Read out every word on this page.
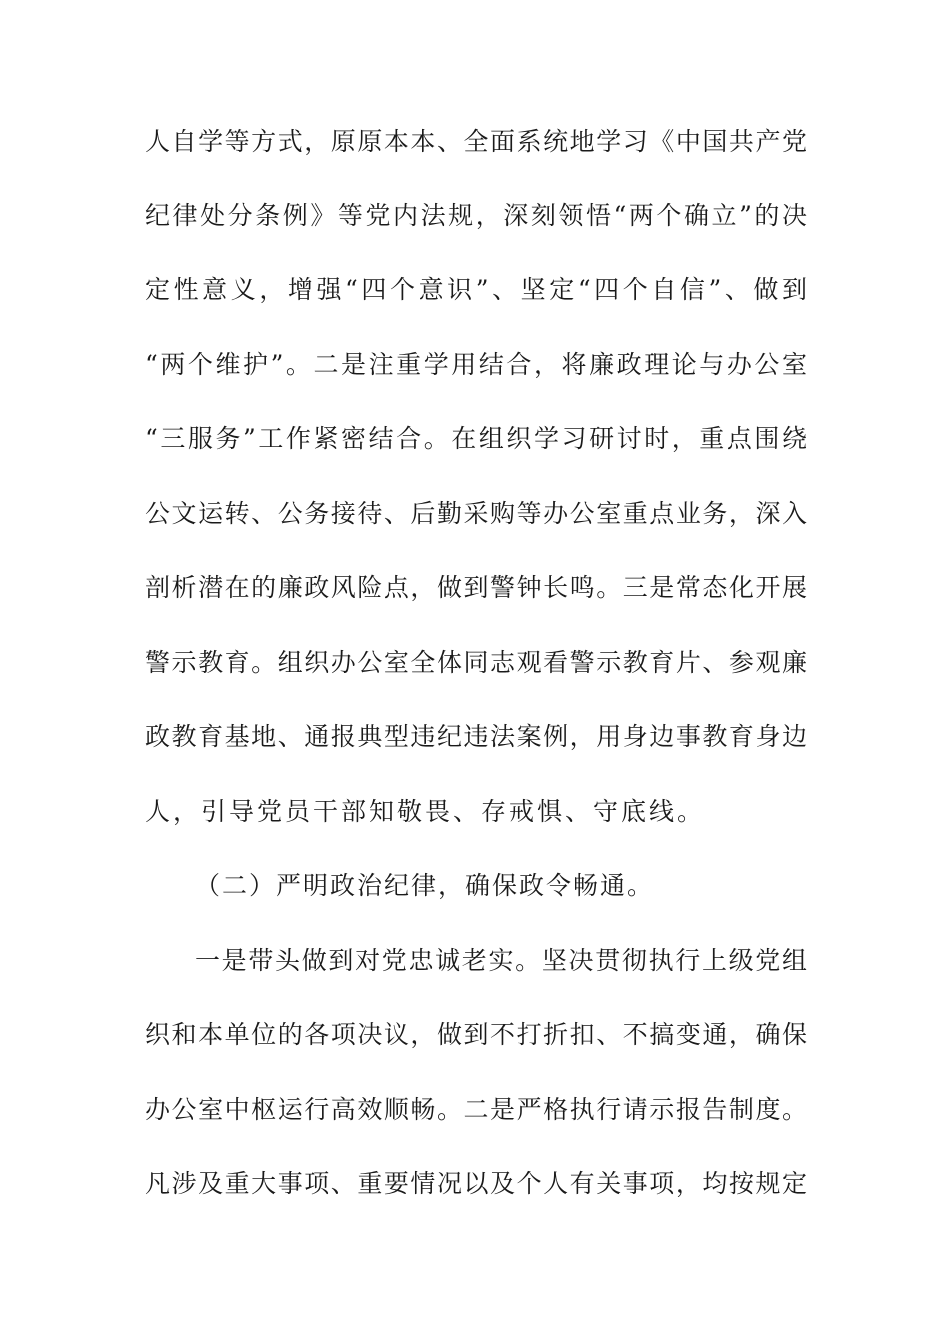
人自学等方式，原原本本、全面系统地学习《中国共产党
纪律处分条例》等党内法规，深刻领悟“两个确立”的决
定性意义，增强“四个意识”、坚定“四个自信”、做到
“两个维护”。二是注重学用结合，将廉政理论与办公室
“三服务”工作紧密结合。在组织学习研讨时，重点围绕
公文运转、公务接待、后勤采购等办公室重点业务，深入
剖析潜在的廉政风险点，做到警钟长鸣。三是常态化开展
警示教育。组织办公室全体同志观看警示教育片、参观廉
政教育基地、通报典型违纪违法案例，用身边事教育身边
人，引导党员干部知敬畏、存戒惧、守底线。
（二）严明政治纪律，确保政令畅通。
一是带头做到对党忠诚老实。坚决贯彻执行上级党组
织和本单位的各项决议，做到不打折扣、不搞变通，确保
办公室中枢运行高效顺畅。二是严格执行请示报告制度。
凡涉及重大事项、重要情况以及个人有关事项，均按规定
